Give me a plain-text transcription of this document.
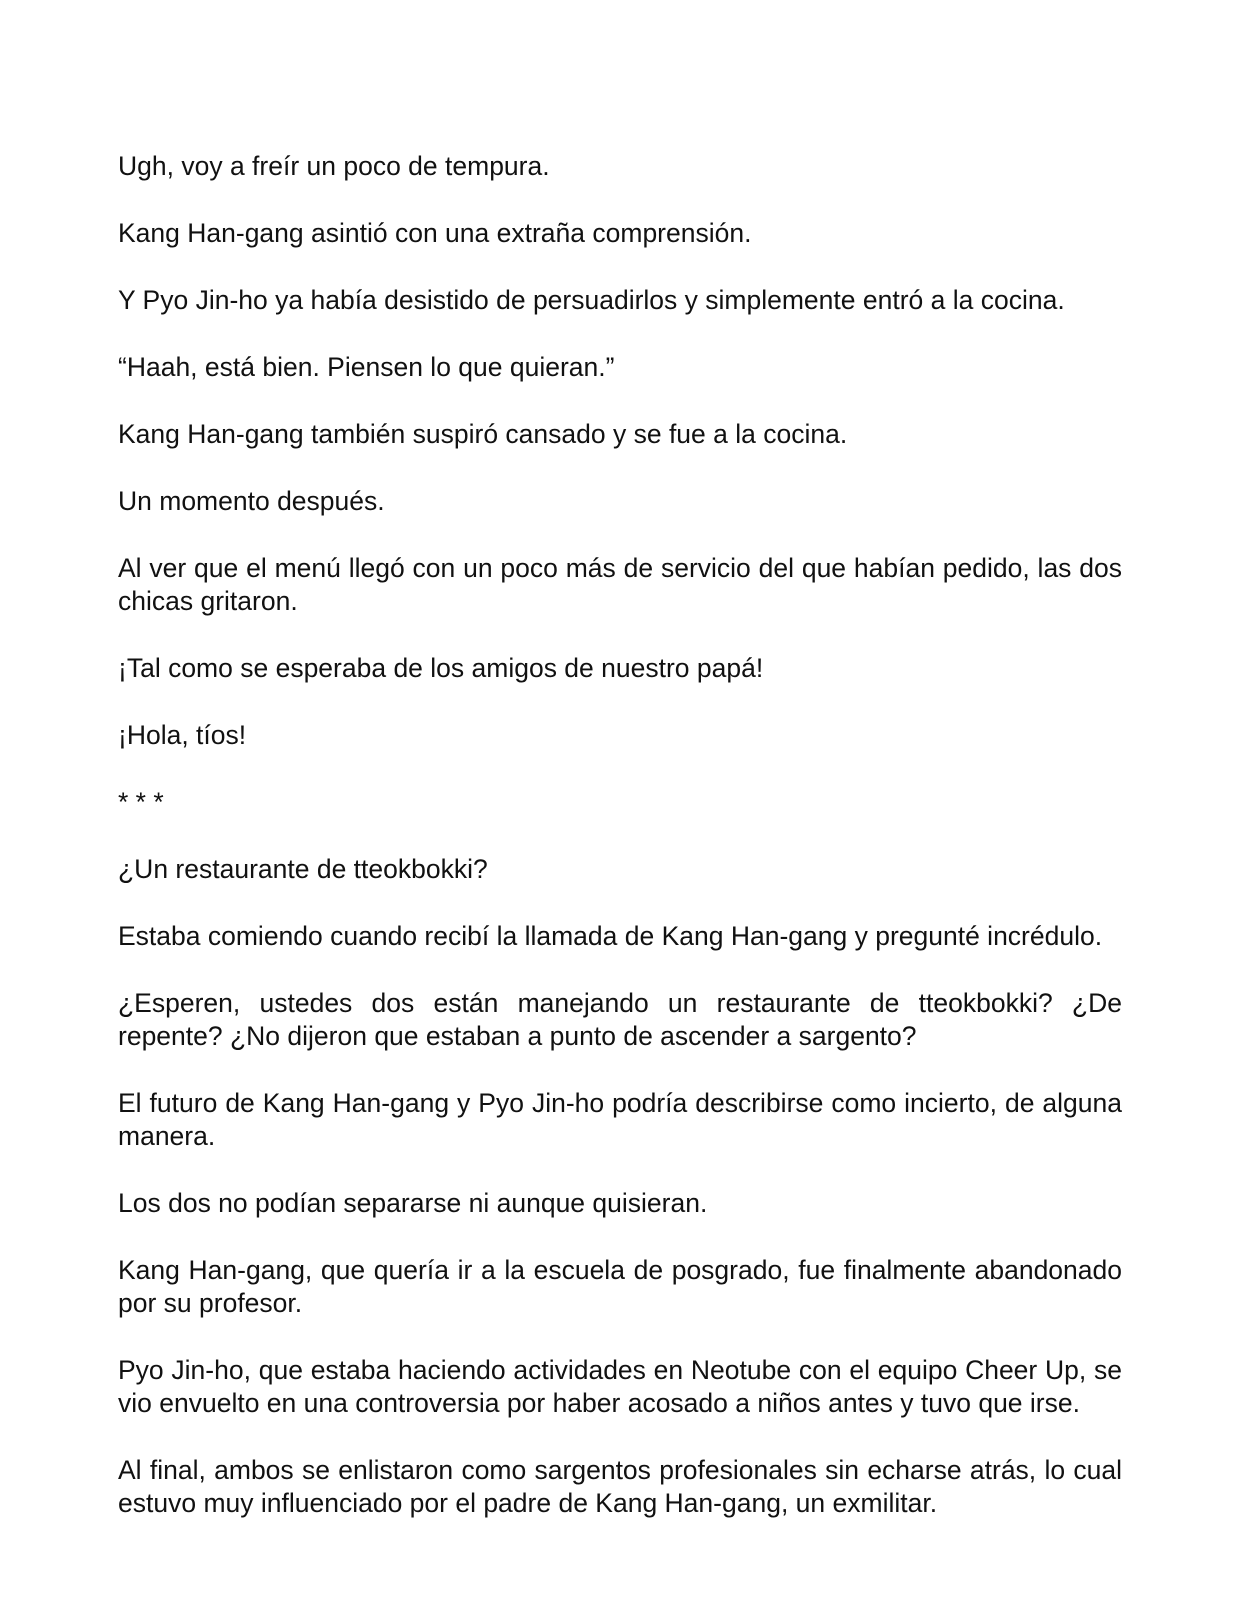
Ugh, voy a freír un poco de tempura.

Kang Han-gang asintió con una extraña comprensión.

Y Pyo Jin-ho ya había desistido de persuadirlos y simplemente entró a la cocina.

“Haah, está bien. Piensen lo que quieran.”

Kang Han-gang también suspiró cansado y se fue a la cocina.

Un momento después.

Al ver que el menú llegó con un poco más de servicio del que habían pedido, las dos chicas gritaron.

¡Tal como se esperaba de los amigos de nuestro papá!

¡Hola, tíos!

* * *

¿Un restaurante de tteokbokki?

Estaba comiendo cuando recibí la llamada de Kang Han-gang y pregunté incrédulo.

¿Esperen, ustedes dos están manejando un restaurante de tteokbokki? ¿De repente? ¿No dijeron que estaban a punto de ascender a sargento?

El futuro de Kang Han-gang y Pyo Jin-ho podría describirse como incierto, de alguna manera.

Los dos no podían separarse ni aunque quisieran.

Kang Han-gang, que quería ir a la escuela de posgrado, fue finalmente abandonado por su profesor.

Pyo Jin-ho, que estaba haciendo actividades en Neotube con el equipo Cheer Up, se vio envuelto en una controversia por haber acosado a niños antes y tuvo que irse.

Al final, ambos se enlistaron como sargentos profesionales sin echarse atrás, lo cual estuvo muy influenciado por el padre de Kang Han-gang, un exmilitar.
